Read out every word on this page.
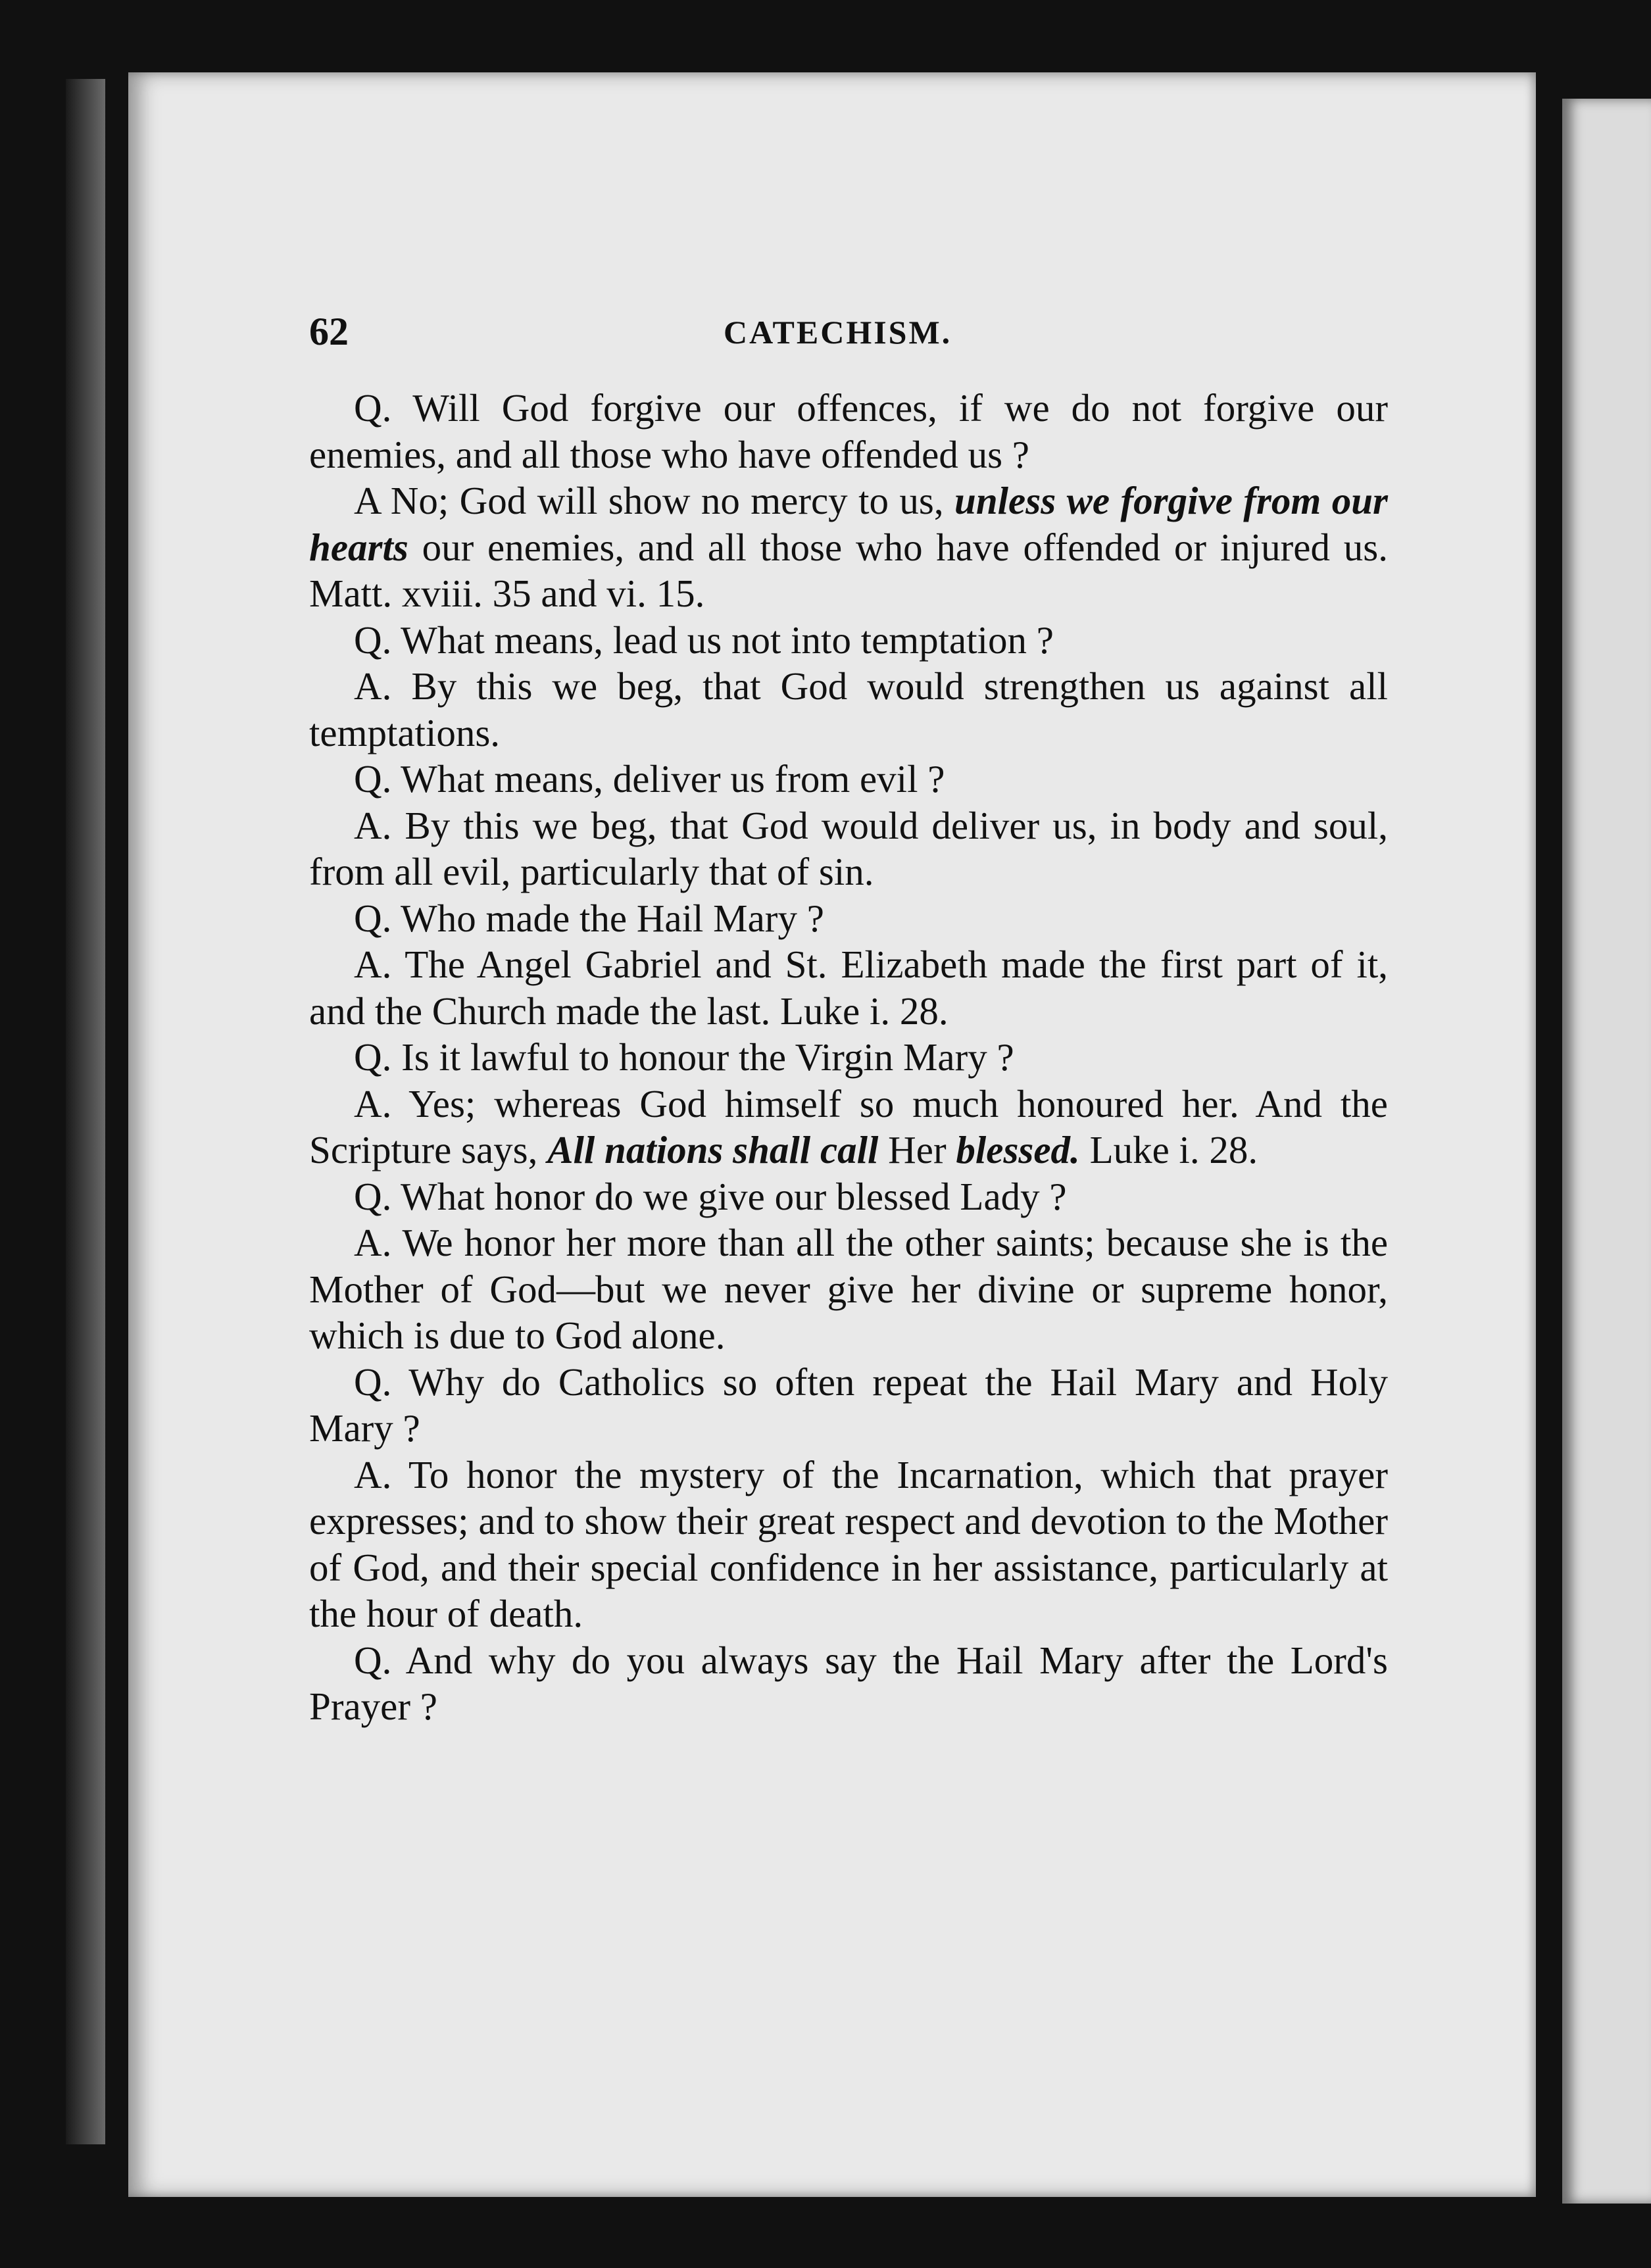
62	CATECHISM.

Q. Will God forgive our offences, if we do not forgive our enemies, and all those who have offended us ?

A No; God will show no mercy to us, unless we forgive from our hearts our enemies, and all those who have offended or injured us. Matt. xviii. 35 and vi. 15.

Q. What means, lead us not into temptation ?

A. By this we beg, that God would strengthen us against all temptations.

Q. What means, deliver us from evil ?

A. By this we beg, that God would deliver us, in body and soul, from all evil, particularly that of sin.

Q. Who made the Hail Mary ?

A. The Angel Gabriel and St. Elizabeth made the first part of it, and the Church made the last. Luke i. 28.

Q. Is it lawful to honour the Virgin Mary ?

A. Yes; whereas God himself so much honoured her. And the Scripture says, All nations shall call Her blessed. Luke i. 28.

Q. What honor do we give our blessed Lady ?

A. We honor her more than all the other saints; because she is the Mother of God—but we never give her divine or supreme honor, which is due to God alone.

Q. Why do Catholics so often repeat the Hail Mary and Holy Mary ?

A. To honor the mystery of the Incarnation, which that prayer expresses; and to show their great respect and devotion to the Mother of God, and their special confidence in her assistance, particularly at the hour of death.

Q. And why do you always say the Hail Mary after the Lord's Prayer ?
